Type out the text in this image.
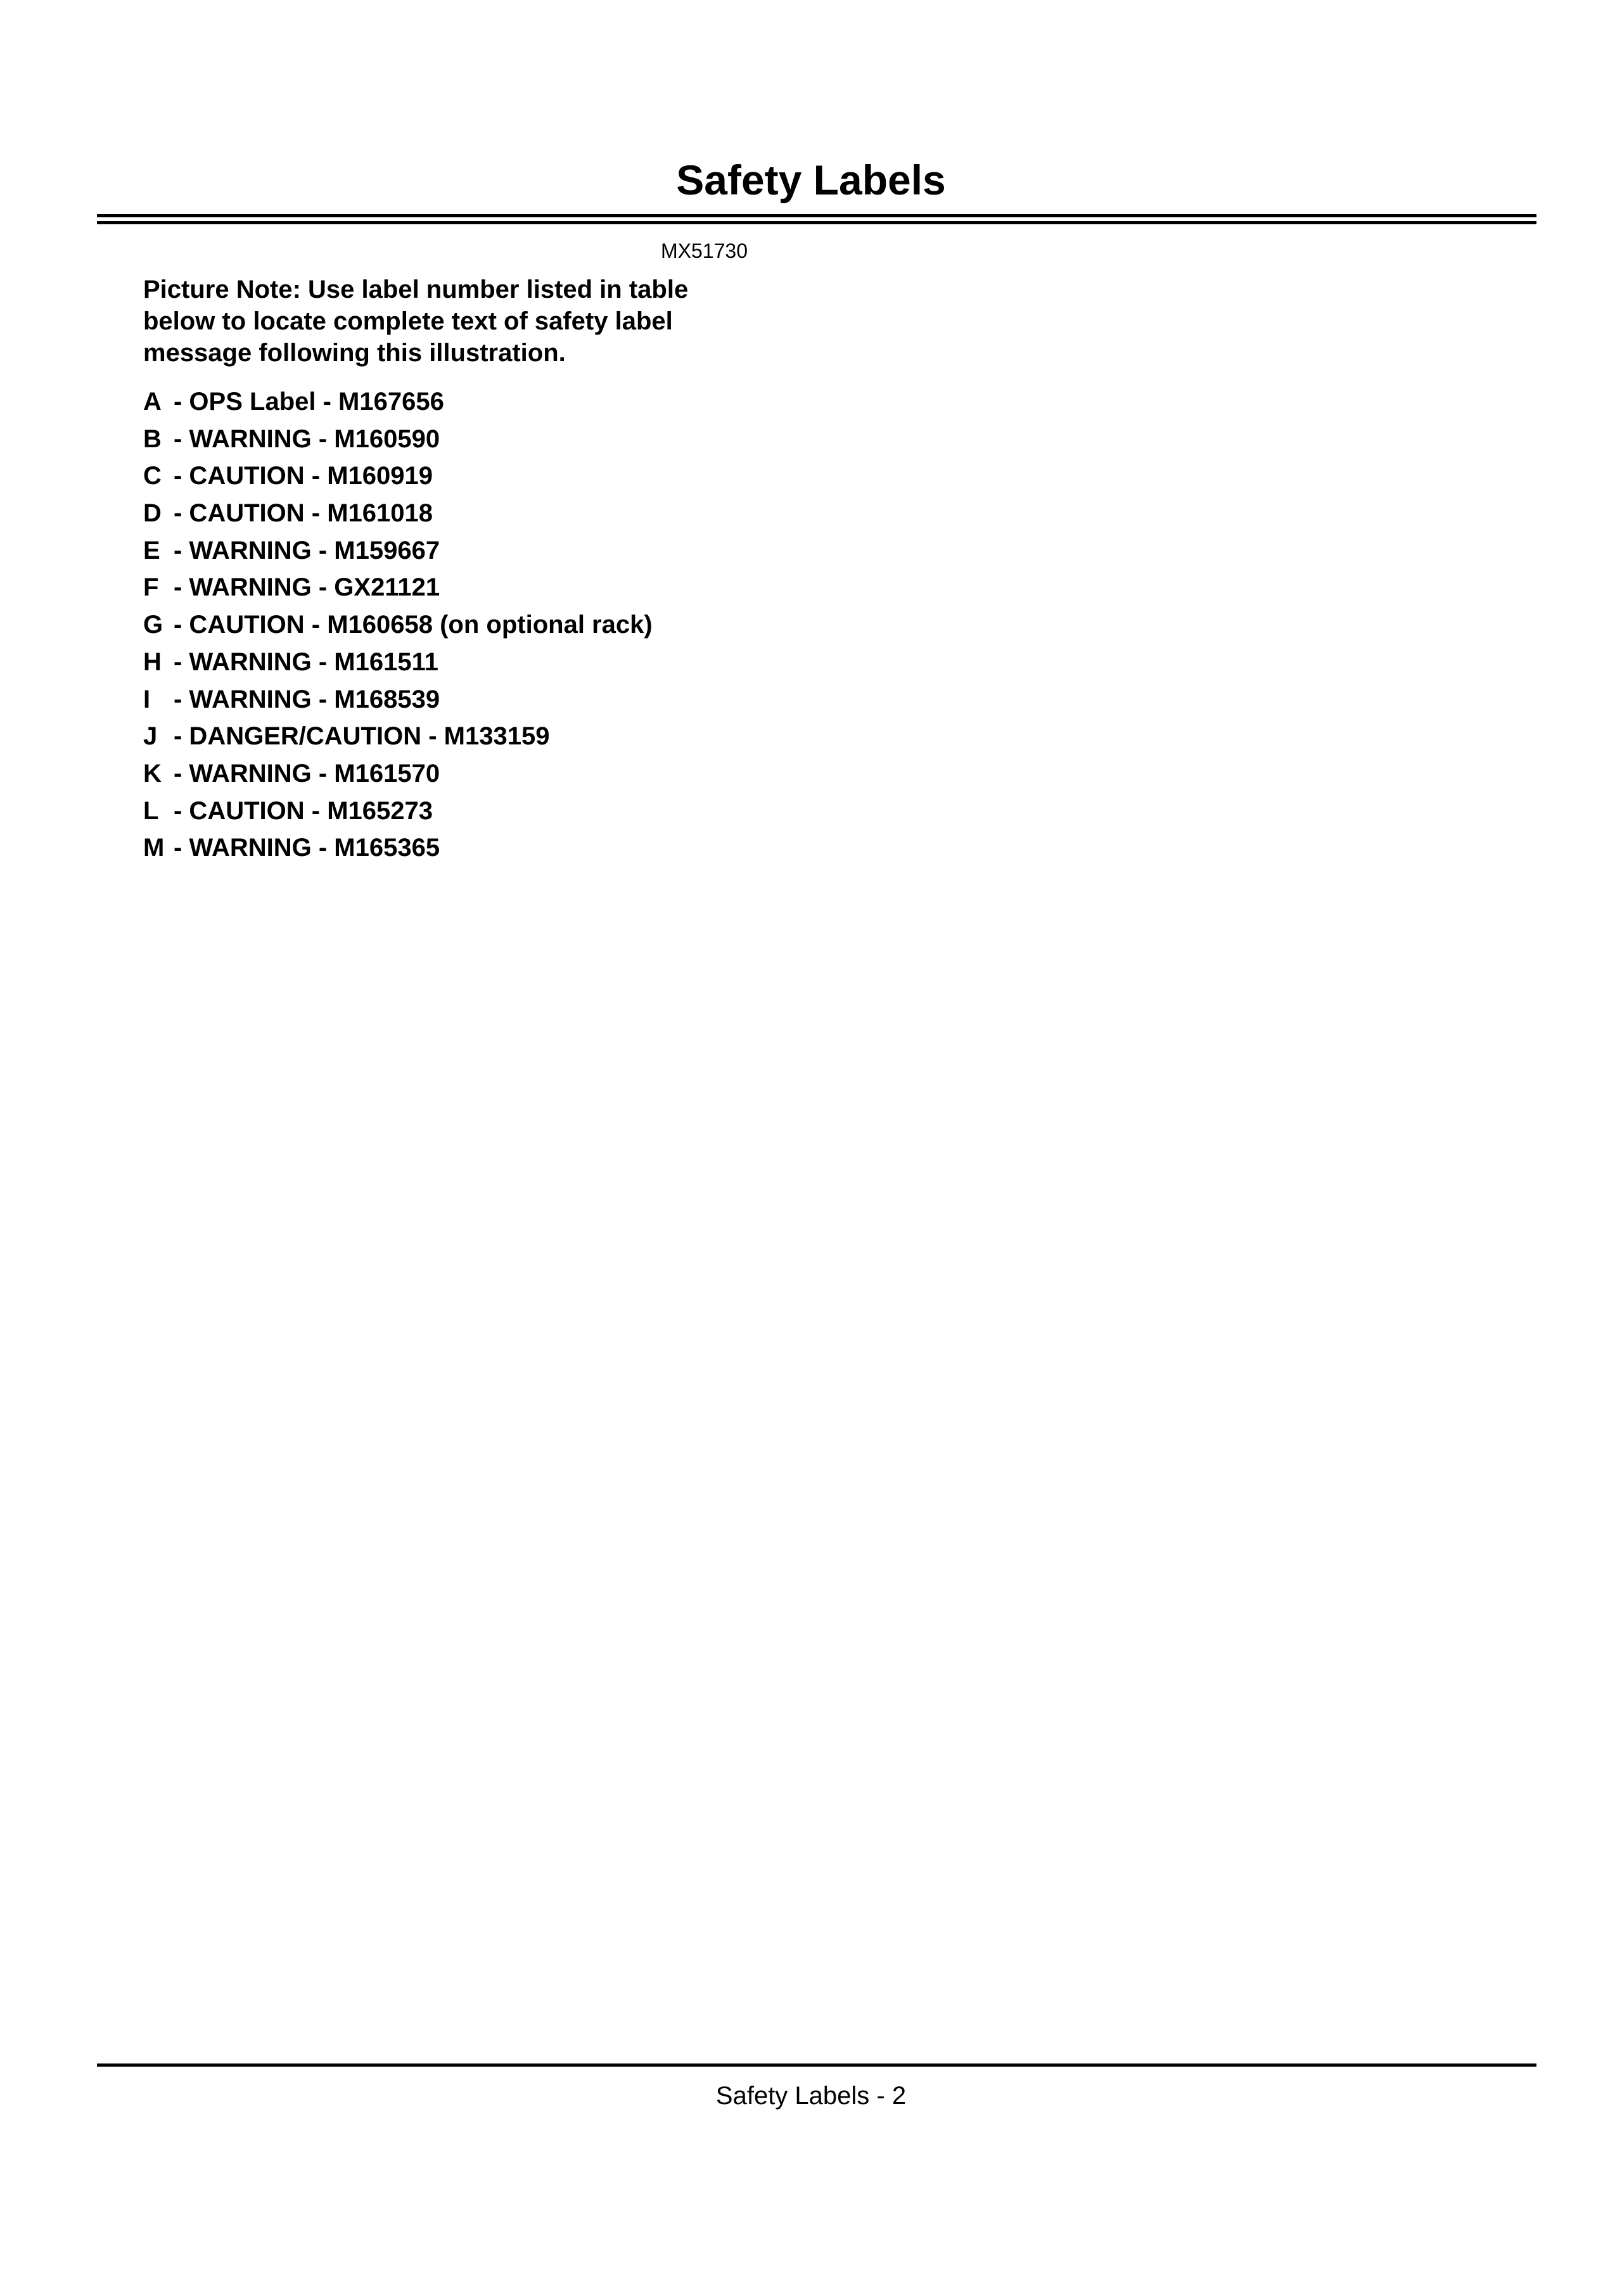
Safety Labels
MX51730

Picture Note: Use label number listed in table below to locate complete text of safety label message following this illustration.

A - OPS Label - M167656
B - WARNING - M160590
C - CAUTION - M160919
D - CAUTION - M161018
E - WARNING - M159667
F - WARNING - GX21121
G - CAUTION - M160658 (on optional rack)
H - WARNING - M161511
I - WARNING - M168539
J - DANGER/CAUTION - M133159
K - WARNING - M161570
L - CAUTION - M165273
M - WARNING - M165365
Safety Labels - 2
